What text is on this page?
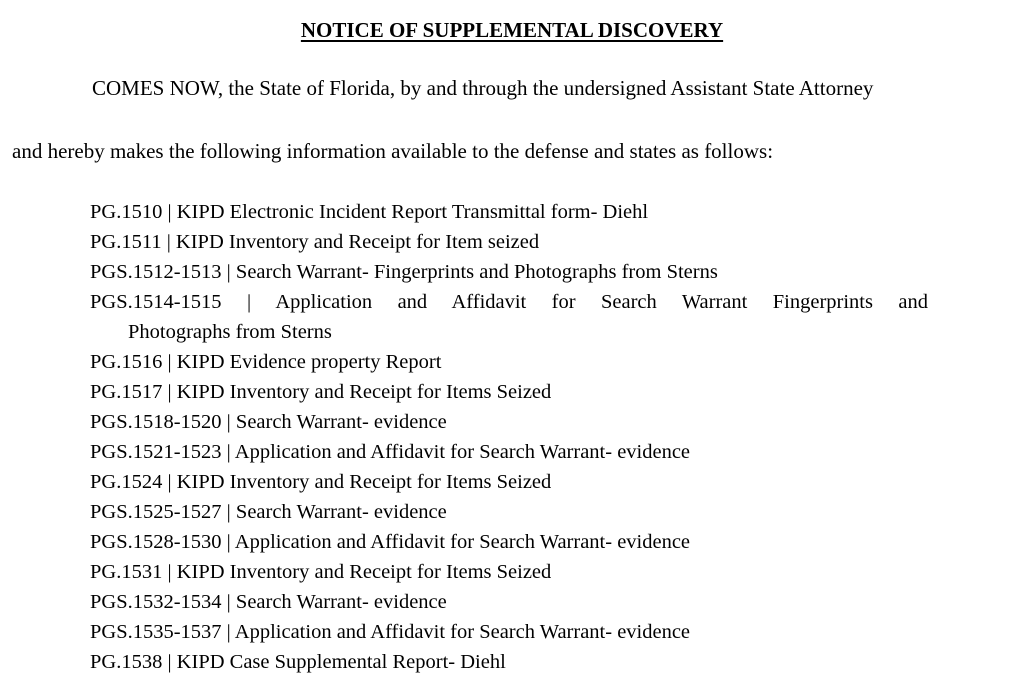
NOTICE OF SUPPLEMENTAL DISCOVERY

COMES NOW, the State of Florida, by and through the undersigned Assistant State Attorney

and hereby makes the following information available to the defense and states as follows:

PG.1510 | KIPD Electronic Incident Report Transmittal form- Diehl
PG.1511 | KIPD Inventory and Receipt for Item seized
PGS.1512-1513 | Search Warrant- Fingerprints and Photographs from Sterns
PGS.1514-1515 | Application and Affidavit for Search Warrant Fingerprints and
Photographs from Sterns
PG.1516 | KIPD Evidence property Report
PG.1517 | KIPD Inventory and Receipt for Items Seized
PGS.1518-1520 | Search Warrant- evidence
PGS.1521-1523 | Application and Affidavit for Search Warrant- evidence
PG.1524 | KIPD Inventory and Receipt for Items Seized
PGS.1525-1527 | Search Warrant- evidence
PGS.1528-1530 | Application and Affidavit for Search Warrant- evidence
PG.1531 | KIPD Inventory and Receipt for Items Seized
PGS.1532-1534 | Search Warrant- evidence
PGS.1535-1537 | Application and Affidavit for Search Warrant- evidence
PG.1538 | KIPD Case Supplemental Report- Diehl
